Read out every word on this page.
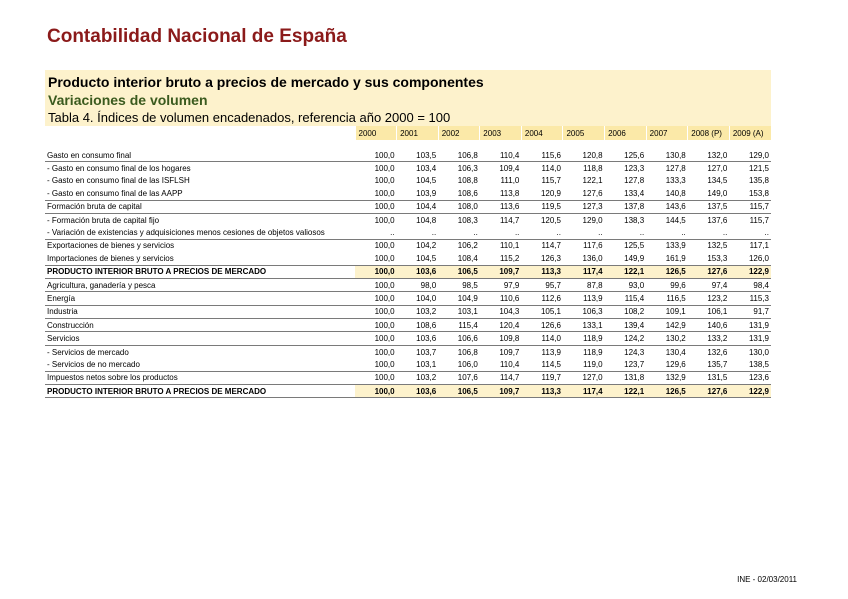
Contabilidad Nacional de España
Producto interior bruto a precios de mercado y sus componentes
Variaciones de volumen
Tabla 4. Índices de volumen encadenados, referencia año 2000 = 100
	2000	2001	2002	2003	2004	2005	2006	2007	2008 (P)	2009 (A)

Gasto en consumo final	100,0	103,5	106,8	110,4	115,6	120,8	125,6	130,8	132,0	129,0
- Gasto en consumo final de los hogares	100,0	103,4	106,3	109,4	114,0	118,8	123,3	127,8	127,0	121,5
- Gasto en consumo final de las ISFLSH	100,0	104,5	108,8	111,0	115,7	122,1	127,8	133,3	134,5	135,8
- Gasto en consumo final de las AAPP	100,0	103,9	108,6	113,8	120,9	127,6	133,4	140,8	149,0	153,8
Formación bruta de capital	100,0	104,4	108,0	113,6	119,5	127,3	137,8	143,6	137,5	115,7
- Formación bruta de capital fijo	100,0	104,8	108,3	114,7	120,5	129,0	138,3	144,5	137,6	115,7
- Variación de existencias y adquisiciones menos cesiones de objetos valiosos	..	..	..	..	..	..	..	..	..	..
Exportaciones de bienes y servicios	100,0	104,2	106,2	110,1	114,7	117,6	125,5	133,9	132,5	117,1
Importaciones de bienes y servicios	100,0	104,5	108,4	115,2	126,3	136,0	149,9	161,9	153,3	126,0
PRODUCTO INTERIOR BRUTO A PRECIOS DE MERCADO	100,0	103,6	106,5	109,7	113,3	117,4	122,1	126,5	127,6	122,9
Agricultura, ganadería y pesca	100,0	98,0	98,5	97,9	95,7	87,8	93,0	99,6	97,4	98,4
Energía	100,0	104,0	104,9	110,6	112,6	113,9	115,4	116,5	123,2	115,3
Industria	100,0	103,2	103,1	104,3	105,1	106,3	108,2	109,1	106,1	91,7
Construcción	100,0	108,6	115,4	120,4	126,6	133,1	139,4	142,9	140,6	131,9
Servicios	100,0	103,6	106,6	109,8	114,0	118,9	124,2	130,2	133,2	131,9
- Servicios de mercado	100,0	103,7	106,8	109,7	113,9	118,9	124,3	130,4	132,6	130,0
- Servicios de no mercado	100,0	103,1	106,0	110,4	114,5	119,0	123,7	129,6	135,7	138,5
Impuestos netos sobre los productos	100,0	103,2	107,6	114,7	119,7	127,0	131,8	132,9	131,5	123,6
PRODUCTO INTERIOR BRUTO A PRECIOS DE MERCADO	100,0	103,6	106,5	109,7	113,3	117,4	122,1	126,5	127,6	122,9
INE - 02/03/2011
